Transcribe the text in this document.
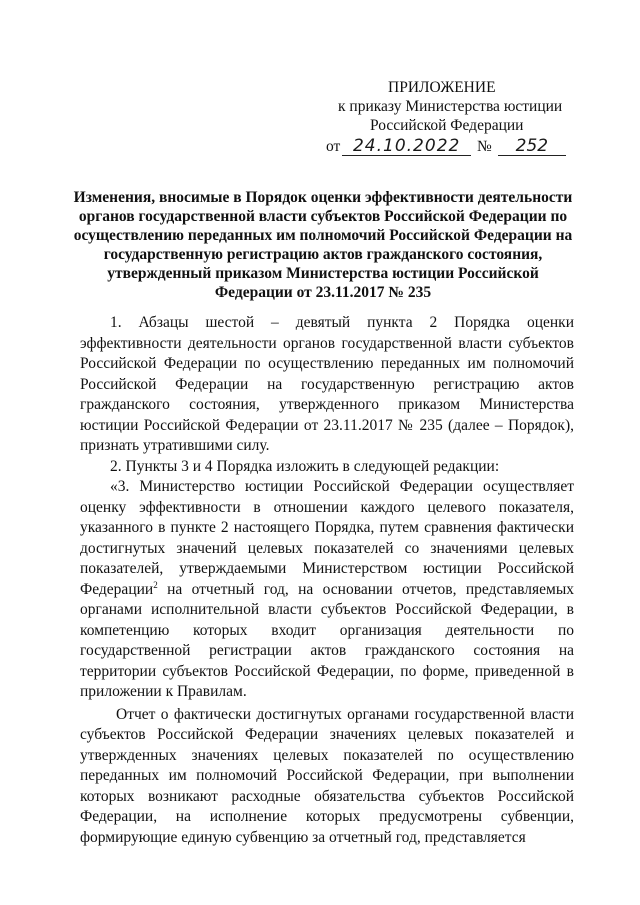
ПРИЛОЖЕНИЕ
к приказу Министерства юстиции
Российской Федерации
от 24.10.2022	№	252
Изменения, вносимые в Порядок оценки эффективности деятельности органов государственной власти субъектов Российской Федерации по осуществлению переданных им полномочий Российской Федерации на государственную регистрацию актов гражданского состояния, утвержденный приказом Министерства юстиции Российской Федерации от 23.11.2017 № 235

1. Абзацы шестой – девятый пункта 2 Порядка оценки эффективности деятельности органов государственной власти субъектов Российской Федерации по осуществлению переданных им полномочий Российской Федерации на государственную регистрацию актов гражданского состояния, утвержденного приказом Министерства юстиции Российской Федерации от 23.11.2017 № 235 (далее – Порядок), признать утратившими силу.

2. Пункты 3 и 4 Порядка изложить в следующей редакции:

«3. Министерство юстиции Российской Федерации осуществляет оценку эффективности в отношении каждого целевого показателя, указанного в пункте 2 настоящего Порядка, путем сравнения фактически достигнутых значений целевых показателей со значениями целевых показателей, утверждаемыми Министерством юстиции Российской Федерации$^2$ на отчетный год, на основании отчетов, представляемых органами исполнительной власти субъектов Российской Федерации, в компетенцию которых входит организация деятельности по государственной регистрации актов гражданского состояния на территории субъектов Российской Федерации, по форме, приведенной в приложении к Правилам.

Отчет о фактически достигнутых органами государственной власти субъектов Российской Федерации значениях целевых показателей и утвержденных значениях целевых показателей по осуществлению переданных им полномочий Российской Федерации, при выполнении которых возникают расходные обязательства субъектов Российской Федерации, на исполнение которых предусмотрены субвенции, формирующие единую субвенцию за отчетный год, представляется
